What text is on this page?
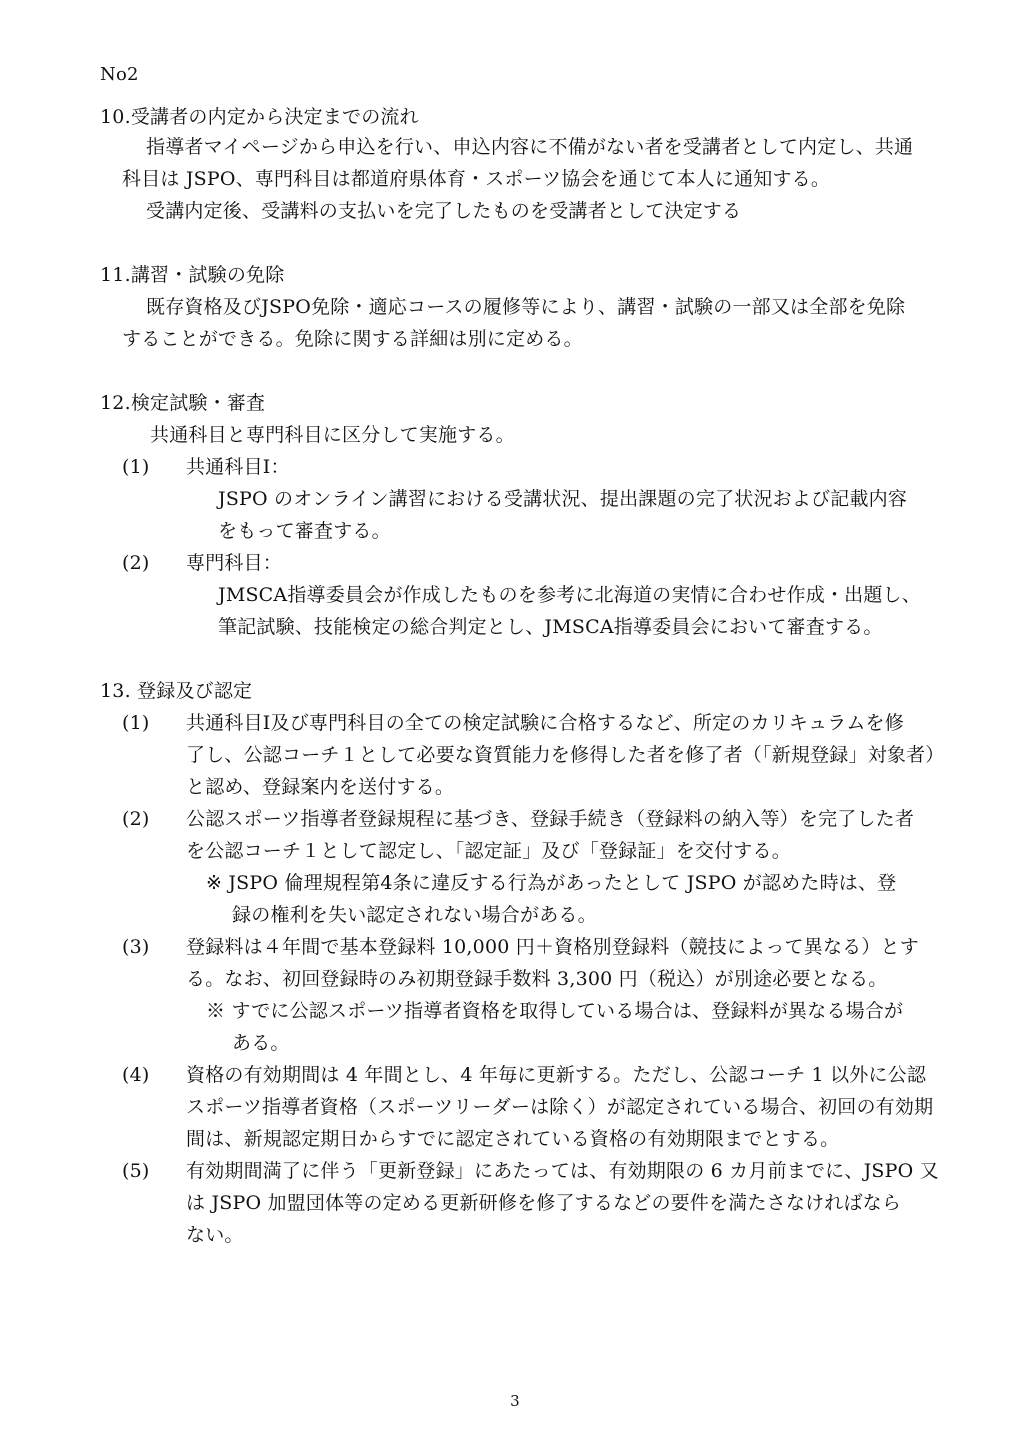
No2
10.受講者の内定から決定までの流れ
指導者マイページから申込を行い、申込内容に不備がない者を受講者として内定し、共通
科目は JSPO、専門科目は都道府県体育・スポーツ協会を通じて本人に通知する。
受講内定後、受講料の支払いを完了したものを受講者として決定する
11.講習・試験の免除
既存資格及びJSPO免除・適応コースの履修等により、講習・試験の一部又は全部を免除
することができる。免除に関する詳細は別に定める。
12.検定試験・審査
共通科目と専門科目に区分して実施する。
(1) 共通科目Ⅰ：
JSPO のオンライン講習における受講状況、提出課題の完了状況および記載内容
をもって審査する。
(2) 専門科目：
JMSCA指導委員会が作成したものを参考に北海道の実情に合わせ作成・出題し、
筆記試験、技能検定の総合判定とし、JMSCA指導委員会において審査する。
13. 登録及び認定
(1) 共通科目Ⅰ及び専門科目の全ての検定試験に合格するなど、所定のカリキュラムを修
了し、公認コーチ１として必要な資質能力を修得した者を修了者（「新規登録」対象者）
と認め、登録案内を送付する。
(2) 公認スポーツ指導者登録規程に基づき、登録手続き（登録料の納入等）を完了した者
を公認コーチ１として認定し、「認定証」及び「登録証」を交付する。
※ JSPO 倫理規程第4条に違反する行為があったとして JSPO が認めた時は、登
録の権利を失い認定されない場合がある。
(3) 登録料は４年間で基本登録料 10,000 円＋資格別登録料（競技によって異なる）とす
る。なお、初回登録時のみ初期登録手数料 3,300 円（税込）が別途必要となる。
※ すでに公認スポーツ指導者資格を取得している場合は、登録料が異なる場合が
ある。
(4) 資格の有効期間は 4 年間とし、4 年毎に更新する。ただし、公認コーチ 1 以外に公認
スポーツ指導者資格（スポーツリーダーは除く）が認定されている場合、初回の有効期
間は、新規認定期日からすでに認定されている資格の有効期限までとする。
(5) 有効期間満了に伴う「更新登録」にあたっては、有効期限の 6 カ月前までに、JSPO 又
は JSPO 加盟団体等の定める更新研修を修了するなどの要件を満たさなければなら
ない。
3
